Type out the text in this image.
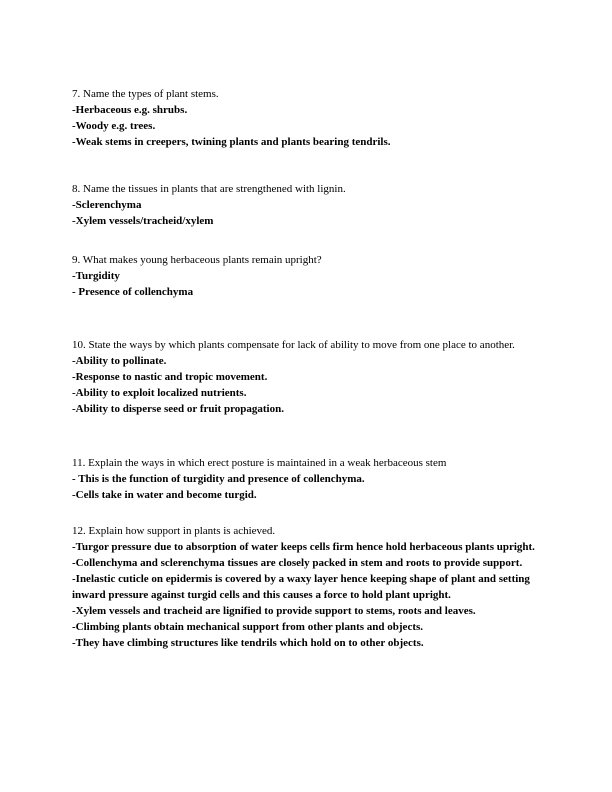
7. Name the types of plant stems.

-Herbaceous e.g. shrubs.

-Woody e.g. trees.

-Weak stems in creepers, twining plants and plants bearing tendrils.

8. Name the tissues in plants that are strengthened with lignin.

-Sclerenchyma

-Xylem vessels/tracheid/xylem

9. What makes young herbaceous plants remain upright?

-Turgidity

- Presence of collenchyma

10. State the ways by which plants compensate for lack of ability to move from one place to another.

-Ability to pollinate.

-Response to nastic and tropic movement.

-Ability to exploit localized nutrients.

-Ability to disperse seed or fruit propagation.

11. Explain the ways in which erect posture is maintained in a weak herbaceous stem

- This is the function of turgidity and presence of collenchyma.

-Cells take in water and become turgid.

12. Explain how support in plants is achieved.

-Turgor pressure due to absorption of water keeps cells firm hence hold herbaceous plants upright.

-Collenchyma and sclerenchyma tissues are closely packed in stem and roots to provide support.

-Inelastic cuticle on epidermis is covered by a waxy layer hence keeping shape of plant and setting inward pressure against turgid cells and this causes a force to hold plant upright.

-Xylem vessels and tracheid are lignified to provide support to stems, roots and leaves.

-Climbing plants obtain mechanical support from other plants and objects.

-They have climbing structures like tendrils which hold on to other objects.
